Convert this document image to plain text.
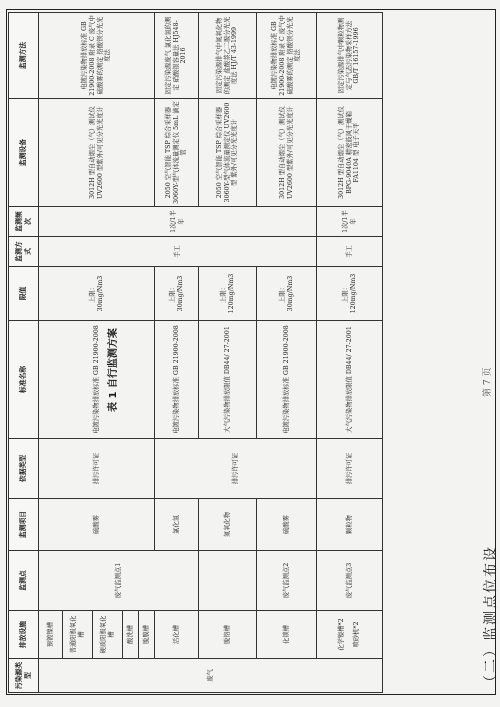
污染源类型	排放设施	监测点	监测项目	依据类型	标准名称	限值	监测方式	监测频次	监测设备	监测方法
废气	预镀镍槽	废气监测点1	硫酸雾	排污许可证	电镀污染物排放标准 GB 21900-2008	上限：30mg/Nm3	手工	1次/1半年	3012H 型自动烟尘（气）测试仪 UV2600 型紫外/可见分光光度计	电镀污染物排放标准 GB 21900-2008 附录 C 废气中硫酸雾的测定 铬酸钡分光光度法
	普通阳极氧化槽									
	硬质阳极氧化槽									
	酸洗槽									
	脱膜槽									
	活化槽		氯化氢	排污许可证	电镀污染物排放标准 GB 21900-2008	上限：30mg/Nm3			2050 空气智能 TSP 综合采样器 3060Y-型气体流量测定仪 5mL 滴定管	固定污染源废气 氯化氢的测定 硝酸银容量法 HJ548-2016
	脱铬槽		氮氧化物		大气污染物排放限值 DB44/ 27-2001	上限：120mg/Nm3			2050 空气智能 TSP 综合采样器 3060Y-型气体流量测定仪 UV2600 型 紫外/可见分光光度计	固定污染源排气中氮氧化物的测定 盐酸萘乙二胺分光光度法 HJ/T 43-1999
	化锁槽	废气监测点2	硫酸雾		电镀污染物排放标准 GB 21900-2008	上限：30mg/Nm3			3012H 型自动烟尘（气）测试仪 UV2600 型紫外/可见分光光度计	电镀污染物排放标准 GB 21900-2008 附录 C 废气中硫酸雾的测定 铬酸钡分光光度法
	化学镍槽*2 喷砂机*2	废气监测点3	颗粒物	排污许可证	大气污染物排放限值 DB44/ 27-2001	上限：120mg/Nm3	手工	1次/1半年	3012H 型自动烟尘（气）测试仪 BPG-9040A 精密鼓风干燥箱 FA1104 型 电子天平	固定污染源排气中颗粒物测定与气态污染物采样方法 GB/T 16157-1996
表 1 自行监测方案
（二）监测点位布设
第 7 页
